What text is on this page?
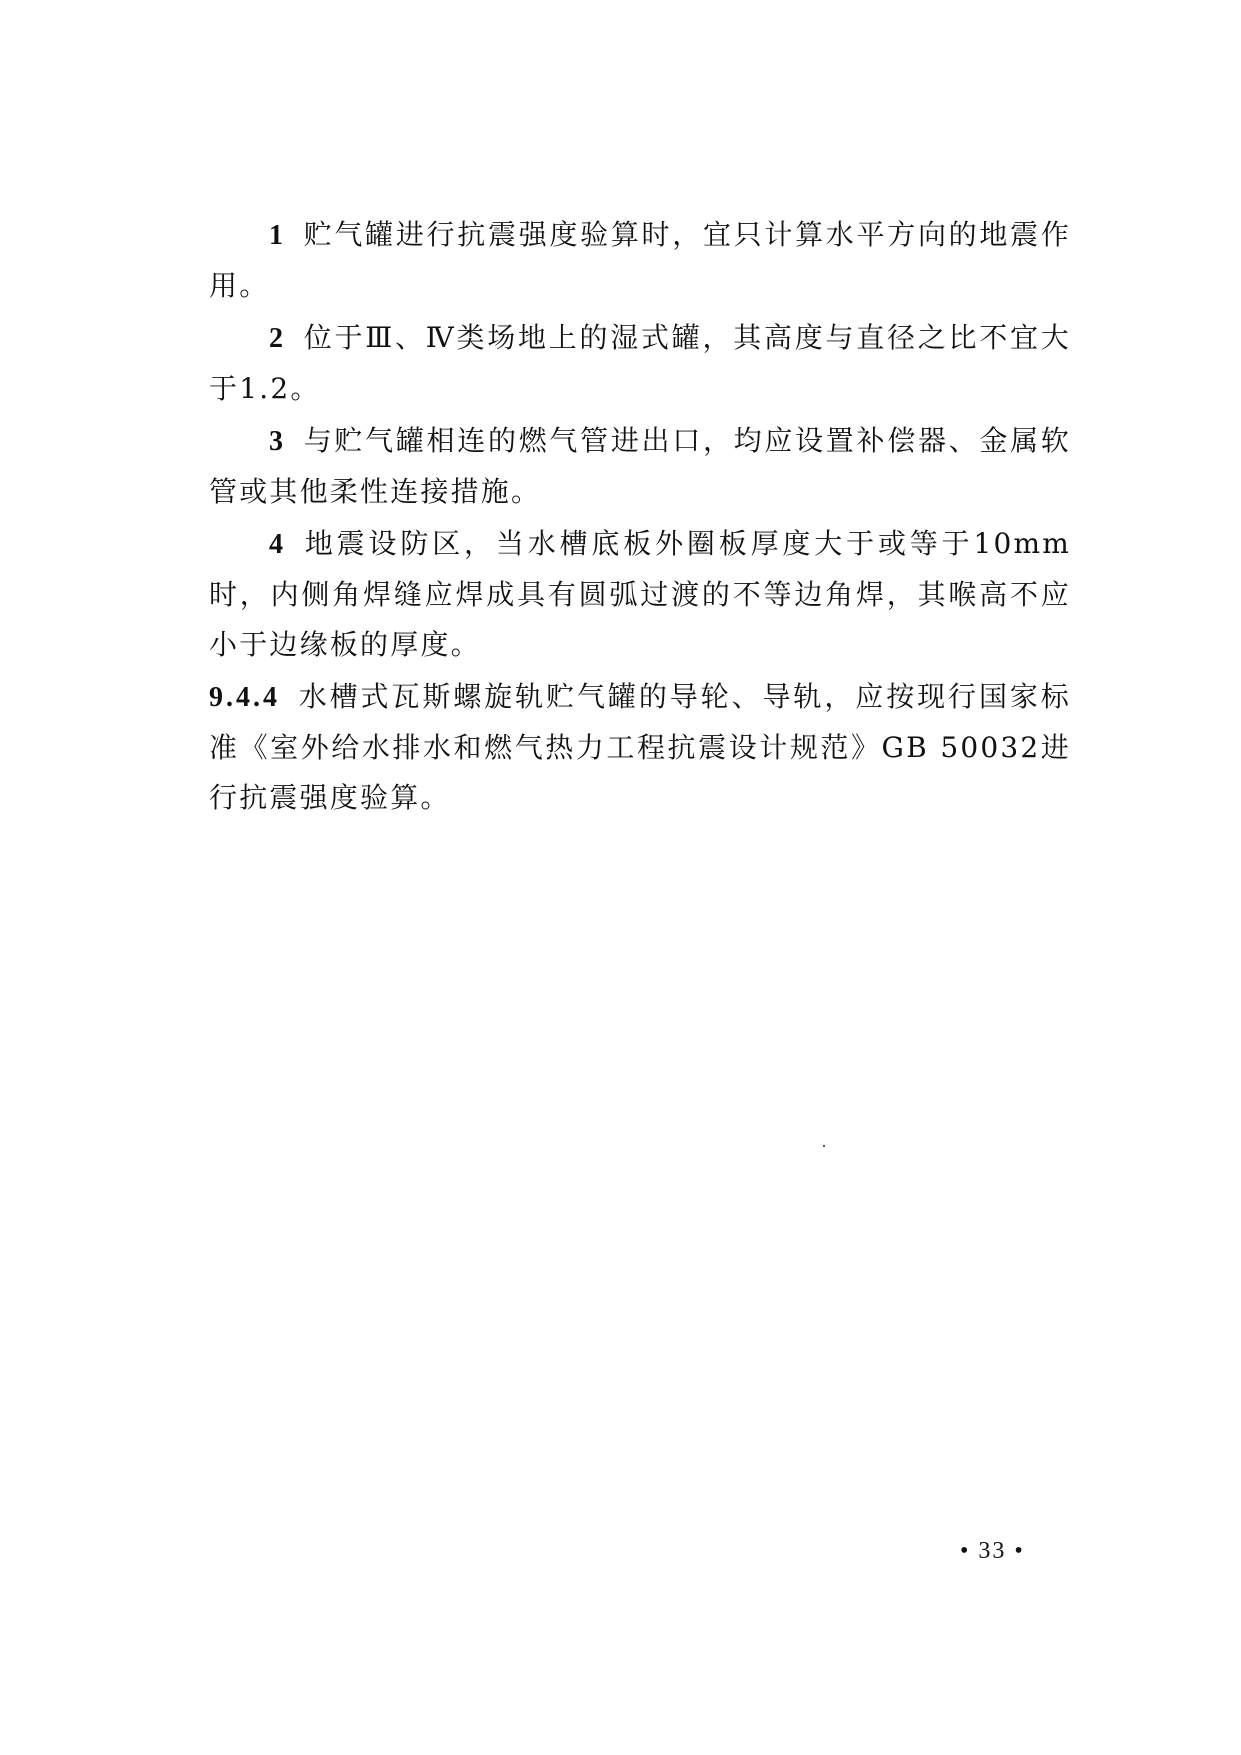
1 贮气罐进行抗震强度验算时，宜只计算水平方向的地震作用。

2 位于Ⅲ、Ⅳ类场地上的湿式罐，其高度与直径之比不宜大于1.2。

3 与贮气罐相连的燃气管进出口，均应设置补偿器、金属软管或其他柔性连接措施。

4 地震设防区，当水槽底板外圈板厚度大于或等于10mm时，内侧角焊缝应焊成具有圆弧过渡的不等边角焊，其喉高不应小于边缘板的厚度。

9.4.4 水槽式瓦斯螺旋轨贮气罐的导轮、导轨，应按现行国家标准《室外给水排水和燃气热力工程抗震设计规范》GB 50032进行抗震强度验算。

• 33 •
